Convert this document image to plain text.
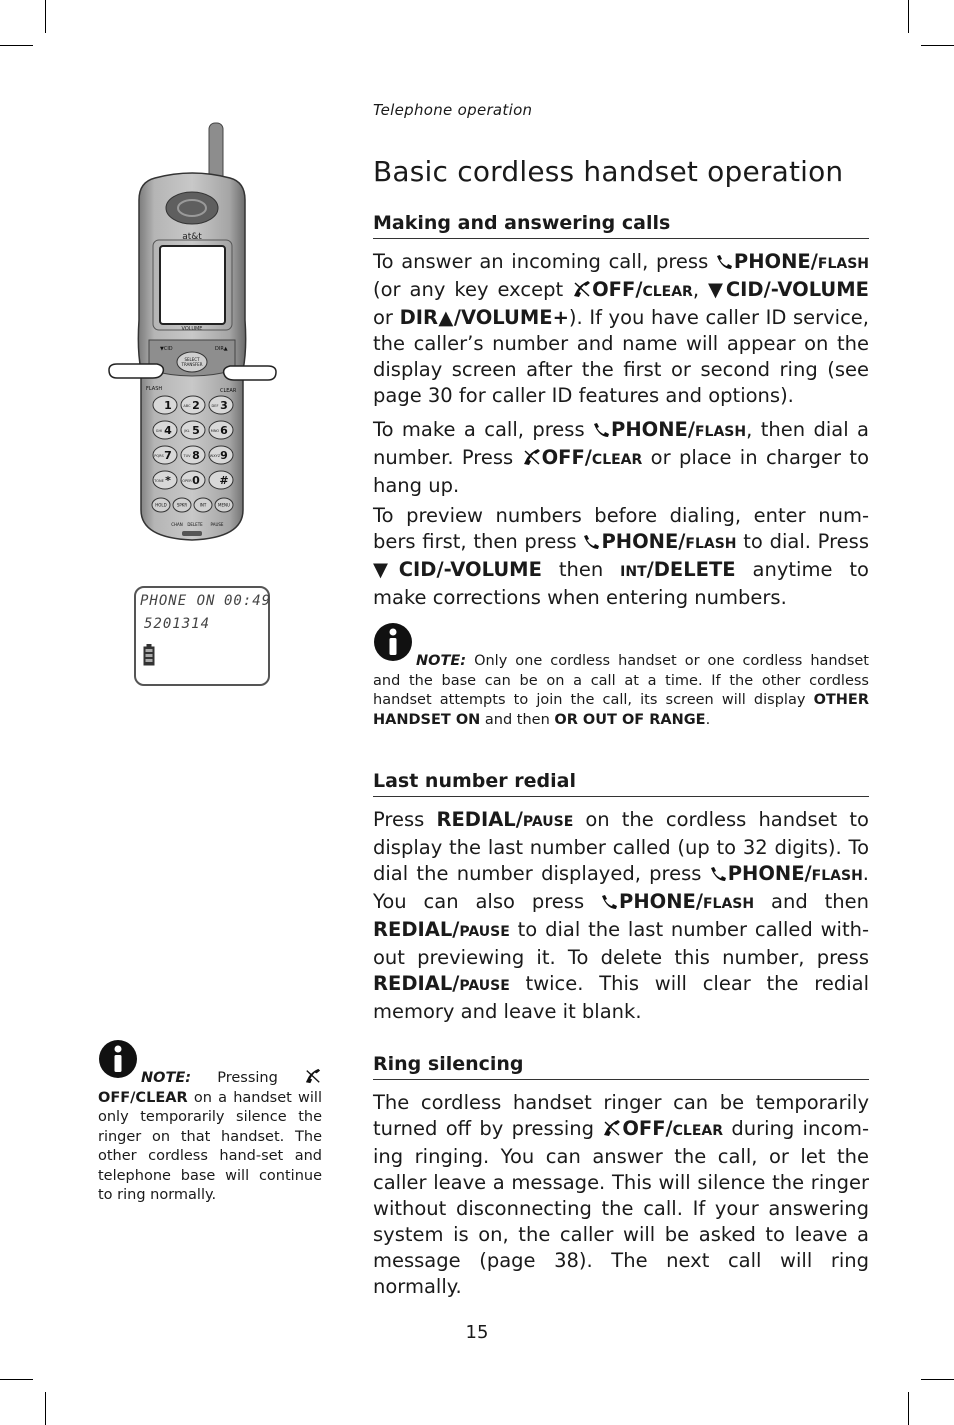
Telephone operation
Basic cordless handset operation
at&t
VOLUME
▼CID	DIR▲
SELECT
TRANSFER
FLASH	CLEAR
1 2
ABC	3
DEF
4
GHI	5
JKL	6
MNO
7
PQRS	8
TUV	9
WXYZ
*
TONE	0
OPER	#
HOLD	SPKR	INT	MENU
CHAN DELETE PAUSE
PHONE ON 00:49
5201314
Making and answering calls
To answer an incoming call, press PHONE/FLASH (or any key except OFF/CLEAR, ▼CID/-VOLUME or DIR▲/VOLUME+). If you have caller ID service, the caller’s number and name will appear on the display screen after the first or second ring (see page 30 for caller ID features and options).
To make a call, press PHONE/FLASH, then dial a number. Press OFF/CLEAR or place in charger to hang up.
To preview numbers before dialing, enter num-bers first, then press PHONE/FLASH to dial. Press ▼CID/-VOLUME then INT/DELETE anytime to make corrections when entering numbers.
NOTE: Only one cordless handset or one cordless handset and the base can be on a call at a time. If the other cordless handset attempts to join the call, its screen will display OTHER HANDSET ON and then OR OUT OF RANGE.
Last number redial
Press REDIAL/PAUSE on the cordless handset to display the last number called (up to 32 digits). To dial the number displayed, press PHONE/FLASH. You can also press PHONE/FLASH and then REDIAL/PAUSE to dial the last number called with-out previewing it. To delete this number, press REDIAL/PAUSE twice. This will clear the redial memory and leave it blank.
Ring silencing
The cordless handset ringer can be temporarily turned off by pressing OFF/CLEAR during incom-ing ringing. You can answer the call, or let the caller leave a message. This will silence the ringer without disconnecting the call. If your answering system is on, the caller will be asked to leave a message (page 38). The next call will ring normally.
NOTE: Pressing OFF/CLEAR on a handset will only temporarily silence the ringer on that handset. The other cordless hand-set and telephone base will continue to ring normally.
15
